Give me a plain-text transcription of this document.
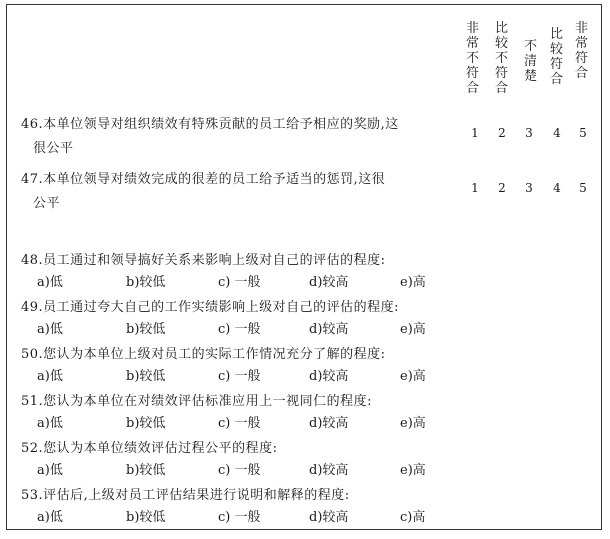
非常不符合
比较不符合
不清楚
比较符合
非常符合
46.本单位领导对组织绩效有特殊贡献的员工给予相应的奖励,这
很公平
1 2 3 4 5
47.本单位领导对绩效完成的很差的员工给予适当的惩罚,这很
公平
1 2 3 4 5
48.员工通过和领导搞好关系来影响上级对自己的评估的程度:
a)低	b)较低	c) 一般	d)较高	e)高
49.员工通过夸大自己的工作实绩影响上级对自己的评估的程度:
a)低	b)较低	c) 一般	d)较高	e)高
50.您认为本单位上级对员工的实际工作情况充分了解的程度:
a)低	b)较低	c) 一般	d)较高	e)高
51.您认为本单位在对绩效评估标准应用上一视同仁的程度:
a)低	b)较低	c) 一般	d)较高	e)高
52.您认为本单位绩效评估过程公平的程度:
a)低	b)较低	c) 一般	d)较高	e)高
53.评估后,上级对员工评估结果进行说明和解释的程度:
a)低	b)较低	c) 一般	d)较高	c)高
